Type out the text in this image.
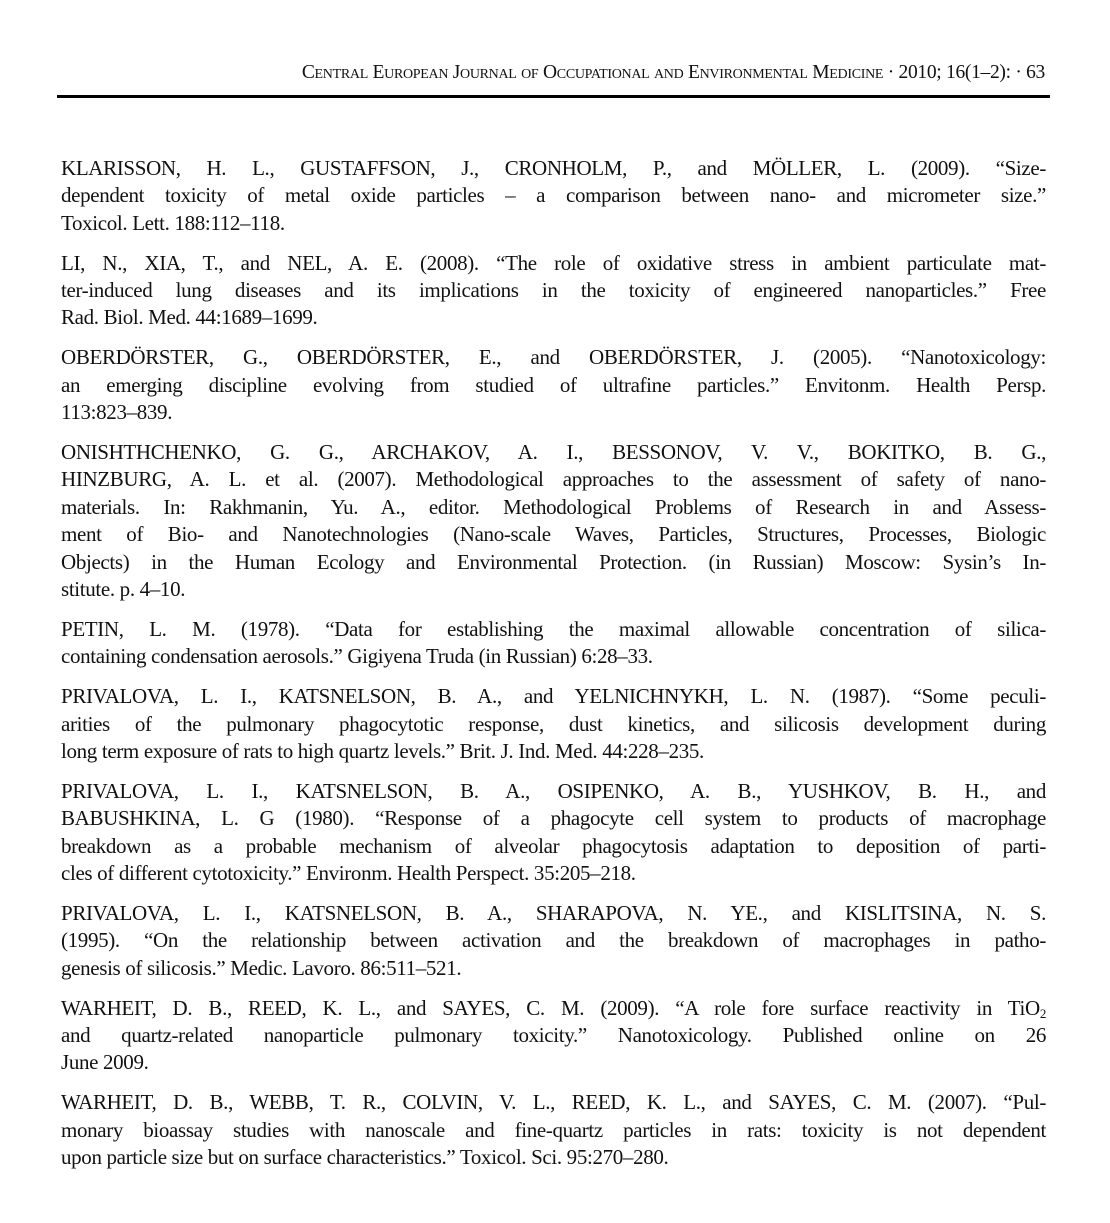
Central European Journal of Occupational and Environmental Medicine · 2010; 16(1–2): · 63
KLARISSON, H. L., GUSTAFFSON, J., CRONHOLM, P., and MÖLLER, L. (2009). “Size-
dependent toxicity of metal oxide particles – a comparison between nano- and micrometer size.”
Toxicol. Lett. 188:112–118.
LI, N., XIA, T., and NEL, A. E. (2008). “The role of oxidative stress in ambient particulate mat-
ter-induced lung diseases and its implications in the toxicity of engineered nanoparticles.” Free
Rad. Biol. Med. 44:1689–1699.
OBERDÖRSTER, G., OBERDÖRSTER, E., and OBERDÖRSTER, J. (2005). “Nanotoxicology:
an emerging discipline evolving from studied of ultrafine particles.” Envitonm. Health Persp.
113:823–839.
ONISHTHCHENKO, G. G., ARCHAKOV, A. I., BESSONOV, V. V., BOKITKO, B. G.,
HINZBURG, A. L. et al. (2007). Methodological approaches to the assessment of safety of nano-
materials. In: Rakhmanin, Yu. A., editor. Methodological Problems of Research in and Assess-
ment of Bio- and Nanotechnologies (Nano-scale Waves, Particles, Structures, Processes, Biologic
Objects) in the Human Ecology and Environmental Protection. (in Russian) Moscow: Sysin’s In-
stitute. p. 4–10.
PETIN, L. M. (1978). “Data for establishing the maximal allowable concentration of silica-
containing condensation aerosols.” Gigiyena Truda (in Russian) 6:28–33.
PRIVALOVA, L. I., KATSNELSON, B. A., and YELNICHNYKH, L. N. (1987). “Some peculi-
arities of the pulmonary phagocytotic response, dust kinetics, and silicosis development during
long term exposure of rats to high quartz levels.” Brit. J. Ind. Med. 44:228–235.
PRIVALOVA, L. I., KATSNELSON, B. A., OSIPENKO, A. B., YUSHKOV, B. H., and
BABUSHKINA, L. G (1980). “Response of a phagocyte cell system to products of macrophage
breakdown as a probable mechanism of alveolar phagocytosis adaptation to deposition of parti-
cles of different cytotoxicity.” Environm. Health Perspect. 35:205–218.
PRIVALOVA, L. I., KATSNELSON, B. A., SHARAPOVA, N. YE., and KISLITSINA, N. S.
(1995). “On the relationship between activation and the breakdown of macrophages in patho-
genesis of silicosis.” Medic. Lavoro. 86:511–521.
WARHEIT, D. B., REED, K. L., and SAYES, C. M. (2009). “A role fore surface reactivity in TiO$_2$
and quartz-related nanoparticle pulmonary toxicity.” Nanotoxicology. Published online on 26
June 2009.
WARHEIT, D. B., WEBB, T. R., COLVIN, V. L., REED, K. L., and SAYES, C. M. (2007). “Pul-
monary bioassay studies with nanoscale and fine-quartz particles in rats: toxicity is not dependent
upon particle size but on surface characteristics.” Toxicol. Sci. 95:270–280.
